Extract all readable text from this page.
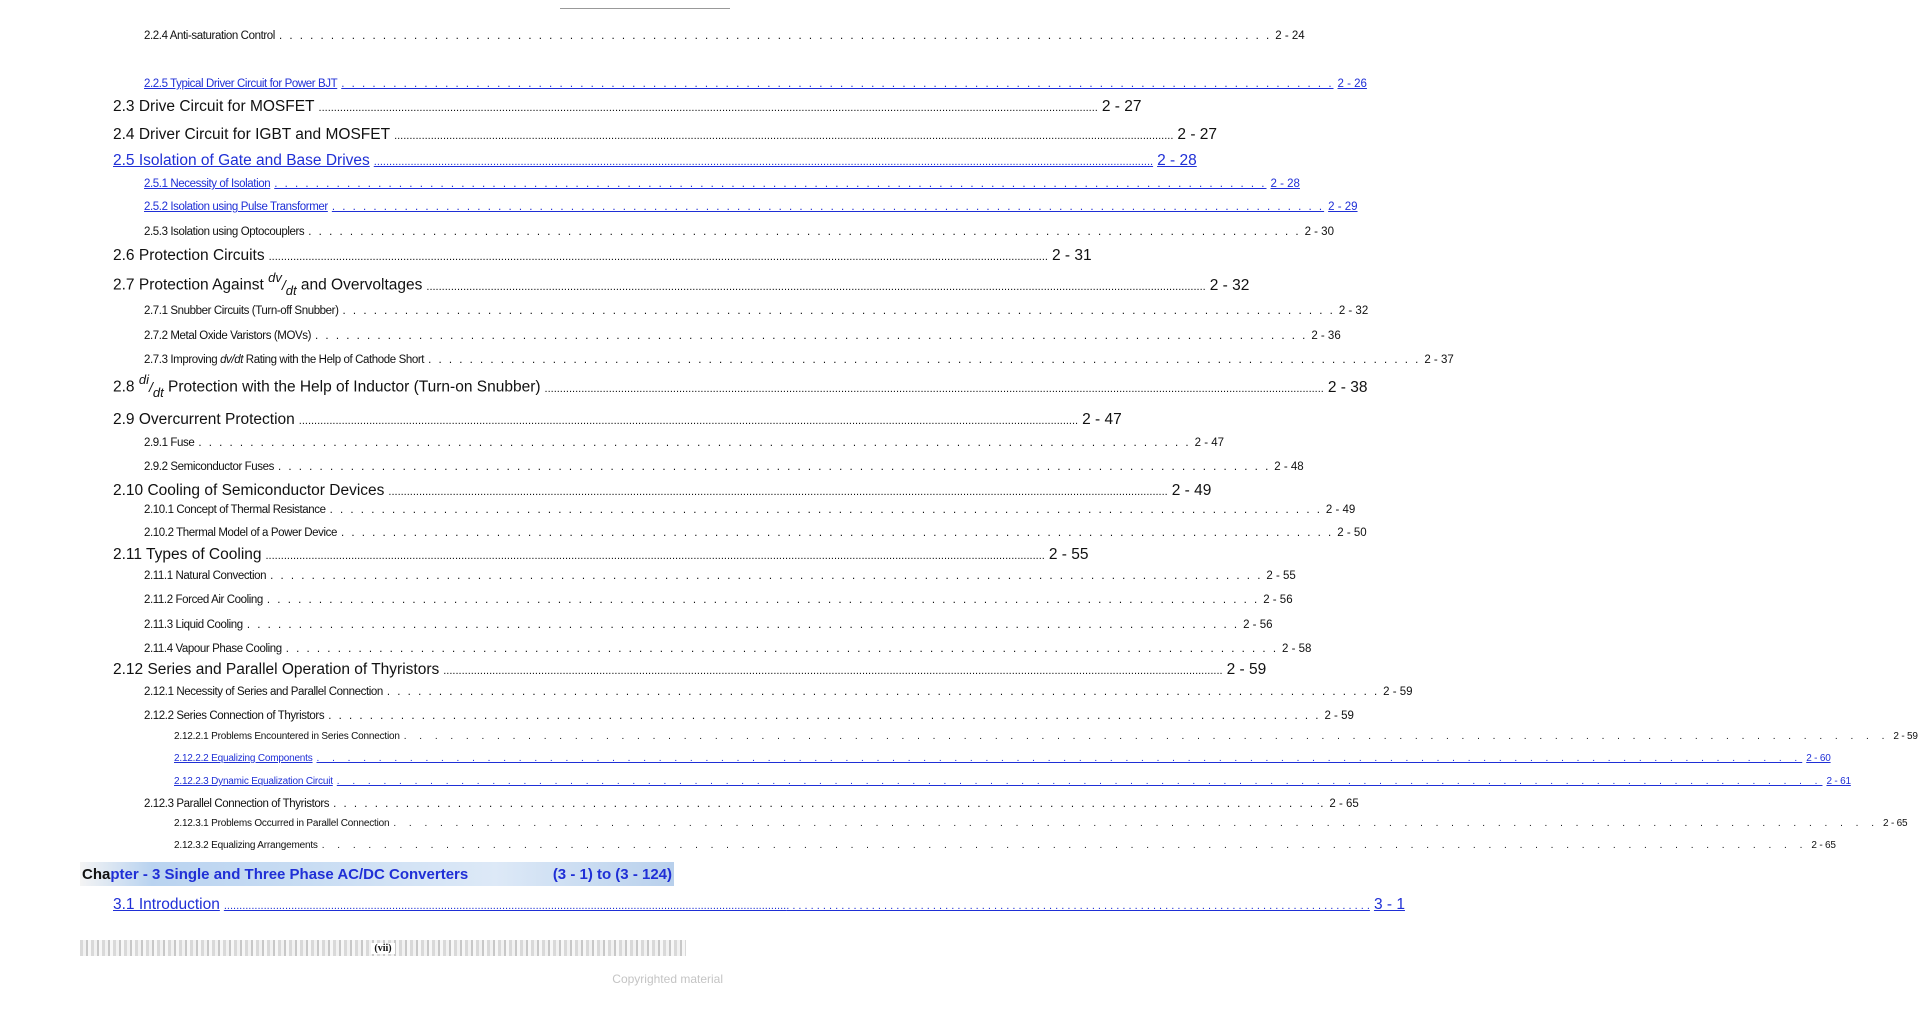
2.2.4 Anti-saturation Control . . .	2 - 24
2.2.5 Typical Driver Circuit for Power BJT . . .	2 - 26
2.3 Drive Circuit for MOSFET .....	2 - 27
2.4 Driver Circuit for IGBT and MOSFET .....	2 - 27
2.5 Isolation of Gate and Base Drives .....	2 - 28
2.5.1 Necessity of Isolation . . .	2 - 28
2.5.2 Isolation using Pulse Transformer . . .	2 - 29
2.5.3 Isolation using Optocouplers . . .	2 - 30
2.6 Protection Circuits .....	2 - 31
2.7 Protection Against $^{dv}/_{dt}$ and Overvoltages .....	2 - 32
2.7.1 Snubber Circuits (Turn-off Snubber) . . .	2 - 32
2.7.2 Metal Oxide Varistors (MOVs) . . .	2 - 36
2.7.3 Improving dv/dt Rating with the Help of Cathode Short . . .	2 - 37
2.8 $^{di}/_{dt}$ Protection with the Help of Inductor (Turn-on Snubber) .....	2 - 38
2.9 Overcurrent Protection .....	2 - 47
2.9.1 Fuse . . .	2 - 47
2.9.2 Semiconductor Fuses . . .	2 - 48
2.10 Cooling of Semiconductor Devices .....	2 - 49
2.10.1 Concept of Thermal Resistance . . .	2 - 49
2.10.2 Thermal Model of a Power Device . . .	2 - 50
2.11 Types of Cooling .....	2 - 55
2.11.1 Natural Convection . . .	2 - 55
2.11.2 Forced Air Cooling . . .	2 - 56
2.11.3 Liquid Cooling . . .	2 - 56
2.11.4 Vapour Phase Cooling . . .	2 - 58
2.12 Series and Parallel Operation of Thyristors .....	2 - 59
2.12.1 Necessity of Series and Parallel Connection . . .	2 - 59
2.12.2 Series Connection of Thyristors . . .	2 - 59
2.12.2.1 Problems Encountered in Series Connection . . .	2 - 59
2.12.2.2 Equalizing Components . . .	2 - 60
2.12.2.3 Dynamic Equalization Circuit . . .	2 - 61
2.12.3 Parallel Connection of Thyristors . . .	2 - 65
2.12.3.1 Problems Occurred in Parallel Connection . . .	2 - 65
2.12.3.2 Equalizing Arrangements . . .	2 - 65
Chapter - 3 Single and Three Phase AC/DC Converters	(3 - 1) to (3 - 124)
3.1 Introduction ........................................................................................................................................................................................ . . .	3 - 1
(vii)
Copyrighted material
